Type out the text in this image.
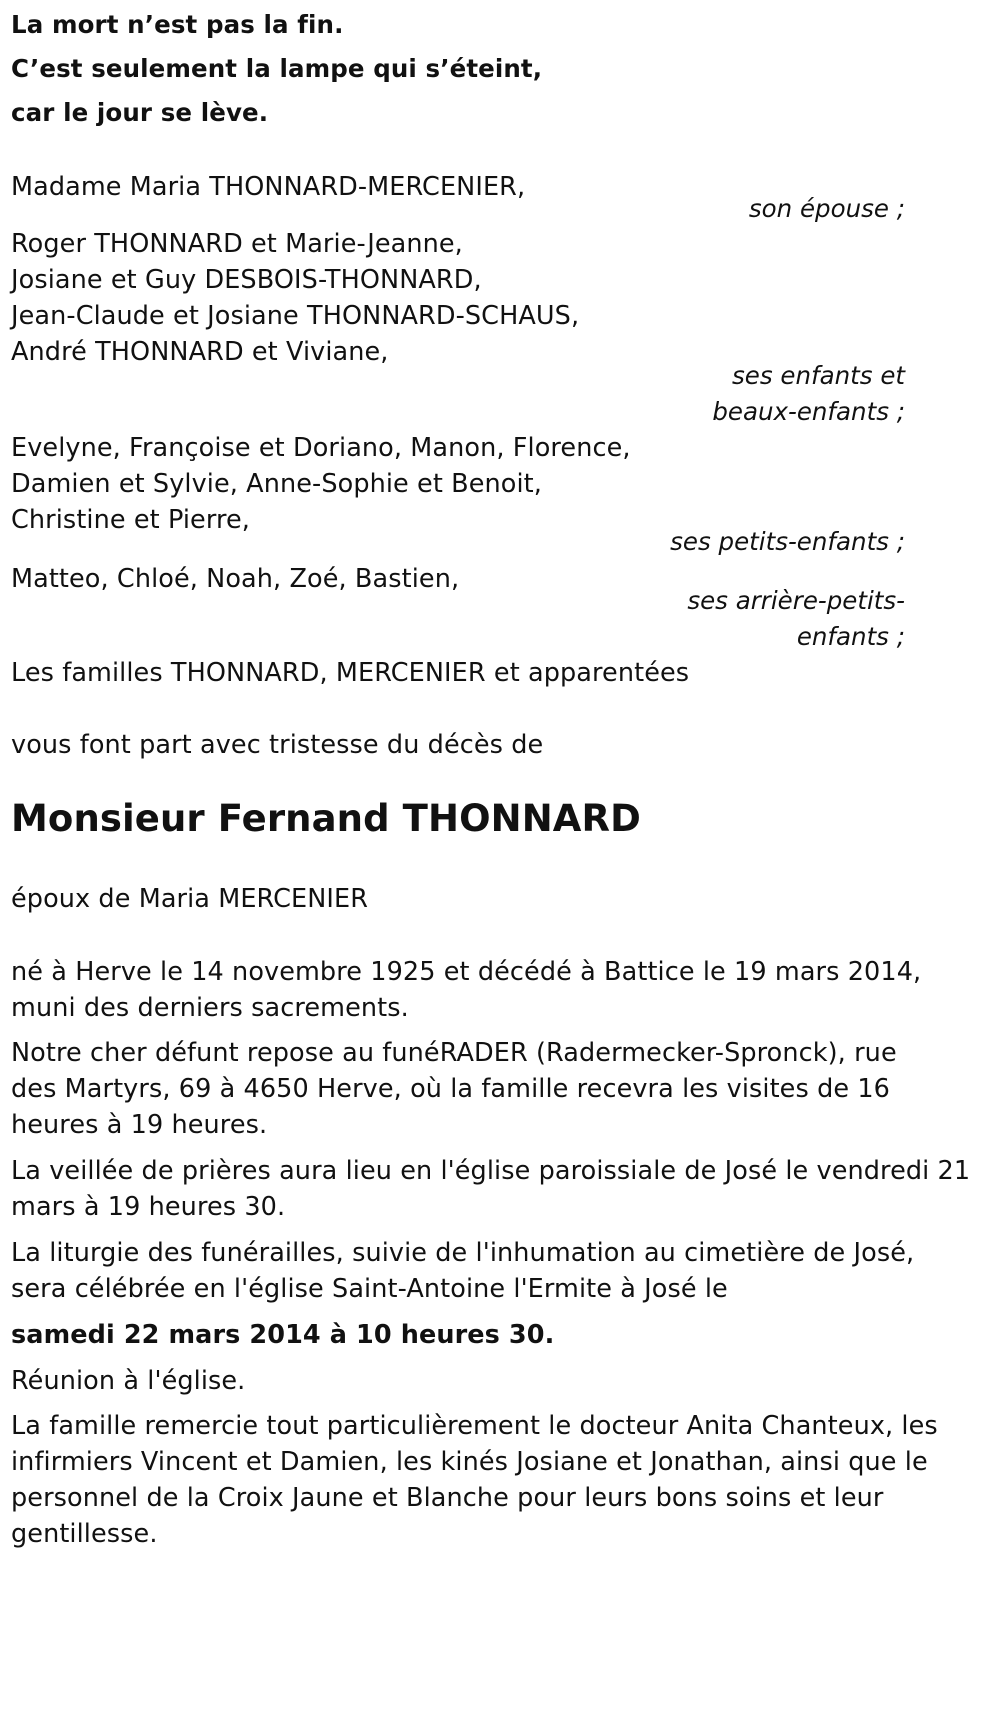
La mort n’est pas la fin.
C’est seulement la lampe qui s’éteint,
car le jour se lève.
Madame Maria THONNARD-MERCENIER,
son épouse ;
Roger THONNARD et Marie-Jeanne,
Josiane et Guy DESBOIS-THONNARD,
Jean-Claude et Josiane THONNARD-SCHAUS,
André THONNARD et Viviane,
ses enfants et
beaux-enfants ;
Evelyne, Françoise et Doriano, Manon, Florence,
Damien et Sylvie, Anne-Sophie et Benoit,
Christine et Pierre,
ses petits-enfants ;
Matteo, Chloé, Noah, Zoé, Bastien,
ses arrière-petits-
enfants ;
Les familles THONNARD, MERCENIER et apparentées
vous font part avec tristesse du décès de
Monsieur Fernand THONNARD
époux de Maria MERCENIER
né à Herve le 14 novembre 1925 et décédé à Battice le 19 mars 2014,
muni des derniers sacrements.
Notre cher défunt repose au funéRADER (Radermecker-Spronck), rue
des Martyrs, 69 à 4650 Herve, où la famille recevra les visites de 16
heures à 19 heures.
La veillée de prières aura lieu en l'église paroissiale de José le vendredi 21
mars à 19 heures 30.
La liturgie des funérailles, suivie de l'inhumation au cimetière de José,
sera célébrée en l'église Saint-Antoine l'Ermite à José le
samedi 22 mars 2014 à 10 heures 30.
Réunion à l'église.
La famille remercie tout particulièrement le docteur Anita Chanteux, les
infirmiers Vincent et Damien, les kinés Josiane et Jonathan, ainsi que le
personnel de la Croix Jaune et Blanche pour leurs bons soins et leur
gentillesse.
